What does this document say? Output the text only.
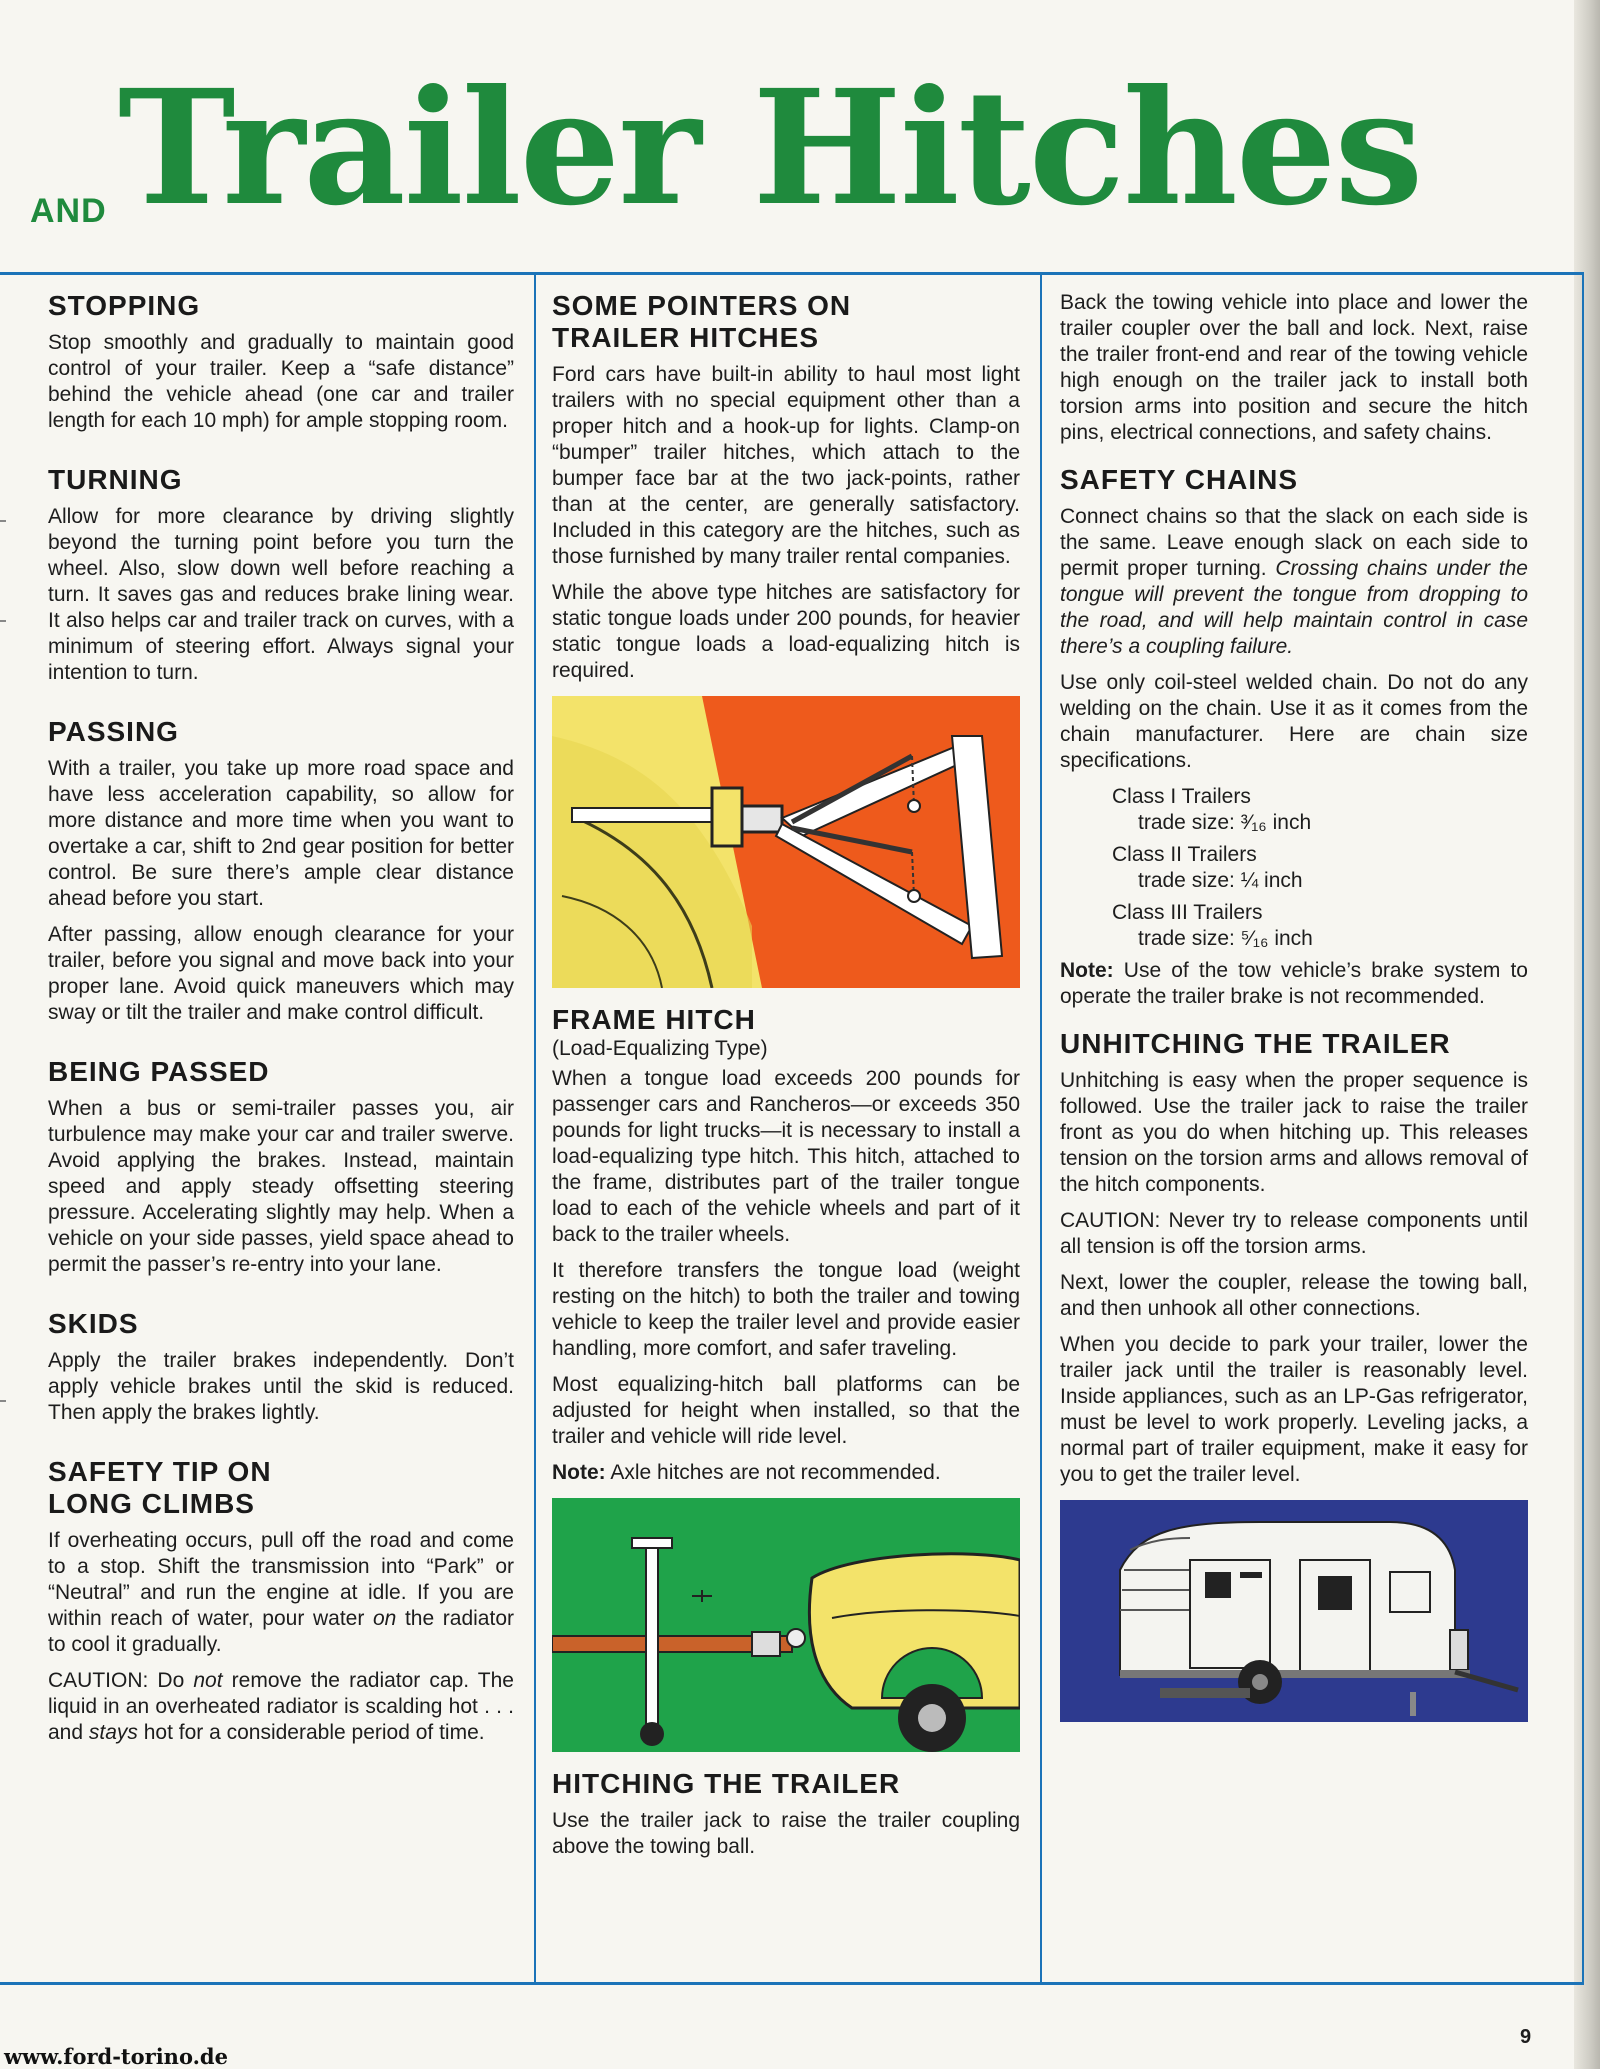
AND Trailer Hitches
STOPPING

Stop smoothly and gradually to maintain good control of your trailer. Keep a “safe distance” behind the vehicle ahead (one car and trailer length for each 10 mph) for ample stopping room.

TURNING

Allow for more clearance by driving slightly beyond the turning point before you turn the wheel. Also, slow down well before reaching a turn. It saves gas and reduces brake lining wear. It also helps car and trailer track on curves, with a minimum of steering effort. Always signal your intention to turn.

PASSING

With a trailer, you take up more road space and have less acceleration capability, so allow for more distance and more time when you want to overtake a car, shift to 2nd gear position for better control. Be sure there’s ample clear distance ahead before you start.

After passing, allow enough clearance for your trailer, before you signal and move back into your proper lane. Avoid quick maneuvers which may sway or tilt the trailer and make control difficult.

BEING PASSED

When a bus or semi-trailer passes you, air turbulence may make your car and trailer swerve. Avoid applying the brakes. Instead, maintain speed and apply steady offsetting steering pressure. Accelerating slightly may help. When a vehicle on your side passes, yield space ahead to permit the passer’s re-entry into your lane.

SKIDS

Apply the trailer brakes independently. Don’t apply vehicle brakes until the skid is reduced. Then apply the brakes lightly.

SAFETY TIP ON
LONG CLIMBS

If overheating occurs, pull off the road and come to a stop. Shift the transmission into “Park” or “Neutral” and run the engine at idle. If you are within reach of water, pour water on the radiator to cool it gradually.

CAUTION: Do not remove the radiator cap. The liquid in an overheated radiator is scalding hot . . . and stays hot for a considerable period of time.

SOME POINTERS ON
TRAILER HITCHES

Ford cars have built-in ability to haul most light trailers with no special equipment other than a proper hitch and a hook-up for lights. Clamp-on “bumper” trailer hitches, which attach to the bumper face bar at the two jack-points, rather than at the center, are generally satisfactory. Included in this category are the hitches, such as those furnished by many trailer rental companies.

While the above type hitches are satisfactory for static tongue loads under 200 pounds, for heavier static tongue loads a load-equalizing hitch is required.

FRAME HITCH
(Load-Equalizing Type)

When a tongue load exceeds 200 pounds for passenger cars and Rancheros—or exceeds 350 pounds for light trucks—it is necessary to install a load-equalizing type hitch. This hitch, attached to the frame, distributes part of the trailer tongue load to each of the vehicle wheels and part of it back to the trailer wheels.

It therefore transfers the tongue load (weight resting on the hitch) to both the trailer and towing vehicle to keep the trailer level and provide easier handling, more comfort, and safer traveling.

Most equalizing-hitch ball platforms can be adjusted for height when installed, so that the trailer and vehicle will ride level.

Note: Axle hitches are not recommended.

HITCHING THE TRAILER

Use the trailer jack to raise the trailer coupling above the towing ball.

Back the towing vehicle into place and lower the trailer coupler over the ball and lock. Next, raise the trailer front-end and rear of the towing vehicle high enough on the trailer jack to install both torsion arms into position and secure the hitch pins, electrical connections, and safety chains.

SAFETY CHAINS

Connect chains so that the slack on each side is the same. Leave enough slack on each side to permit proper turning. Crossing chains under the tongue will prevent the tongue from dropping to the road, and will help maintain control in case there’s a coupling failure.

Use only coil-steel welded chain. Do not do any welding on the chain. Use it as it comes from the chain manufacturer. Here are chain size specifications.

Class I Trailers
trade size: ³⁄₁₆ inch
Class II Trailers
trade size: ¼ inch
Class III Trailers
trade size: ⁵⁄₁₆ inch

Note: Use of the tow vehicle’s brake system to operate the trailer brake is not recommended.

UNHITCHING THE TRAILER

Unhitching is easy when the proper sequence is followed. Use the trailer jack to raise the trailer front as you do when hitching up. This releases tension on the torsion arms and allows removal of the hitch components.

CAUTION: Never try to release components until all tension is off the torsion arms.

Next, lower the coupler, release the towing ball, and then unhook all other connections.

When you decide to park your trailer, lower the trailer jack until the trailer is reasonably level. Inside appliances, such as an LP-Gas refrigerator, must be level to work properly. Leveling jacks, a normal part of trailer equipment, make it easy for you to get the trailer level.

9
www.ford-torino.de
